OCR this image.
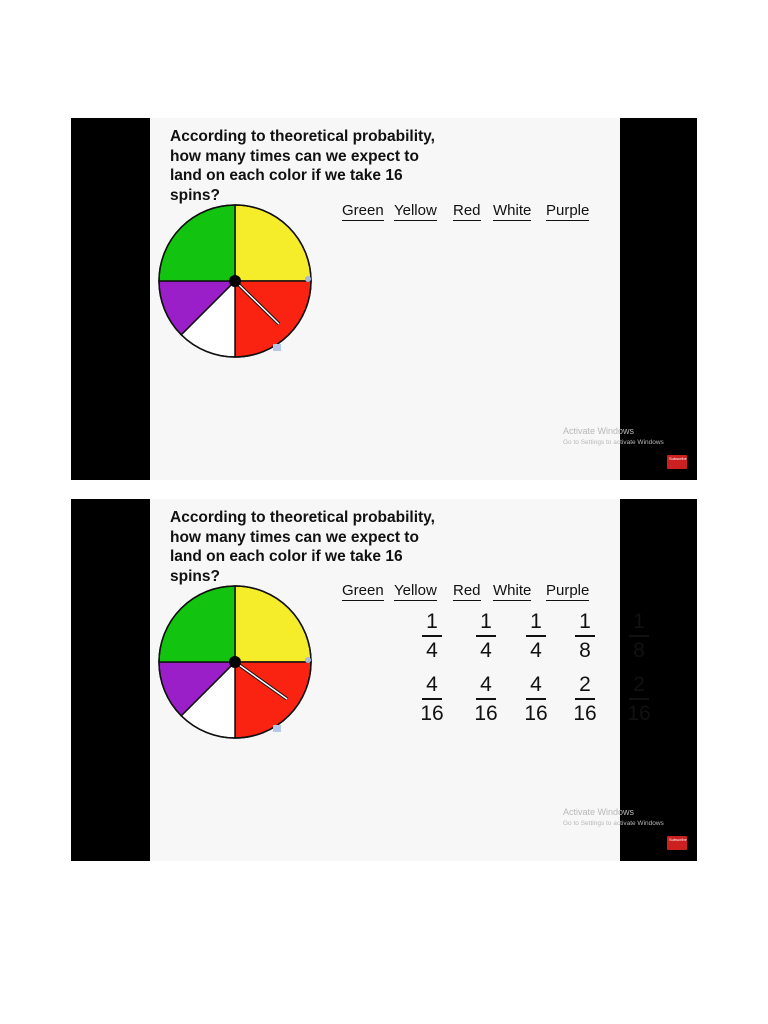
According to theoretical probability,
how many times can we expect to
land on each color if we take 16
spins?

Green Yellow Red White Purple
Activate Windows
Go to Settings to activate Windows
Subscribe

According to theoretical probability,
how many times can we expect to
land on each color if we take 16
spins?

Green Yellow Red White Purple
1
4
1
4
1
4
1
8
1
8
4
16
4
16
4
16
2
16
2
16
Activate Windows
Go to Settings to activate Windows
Subscribe
